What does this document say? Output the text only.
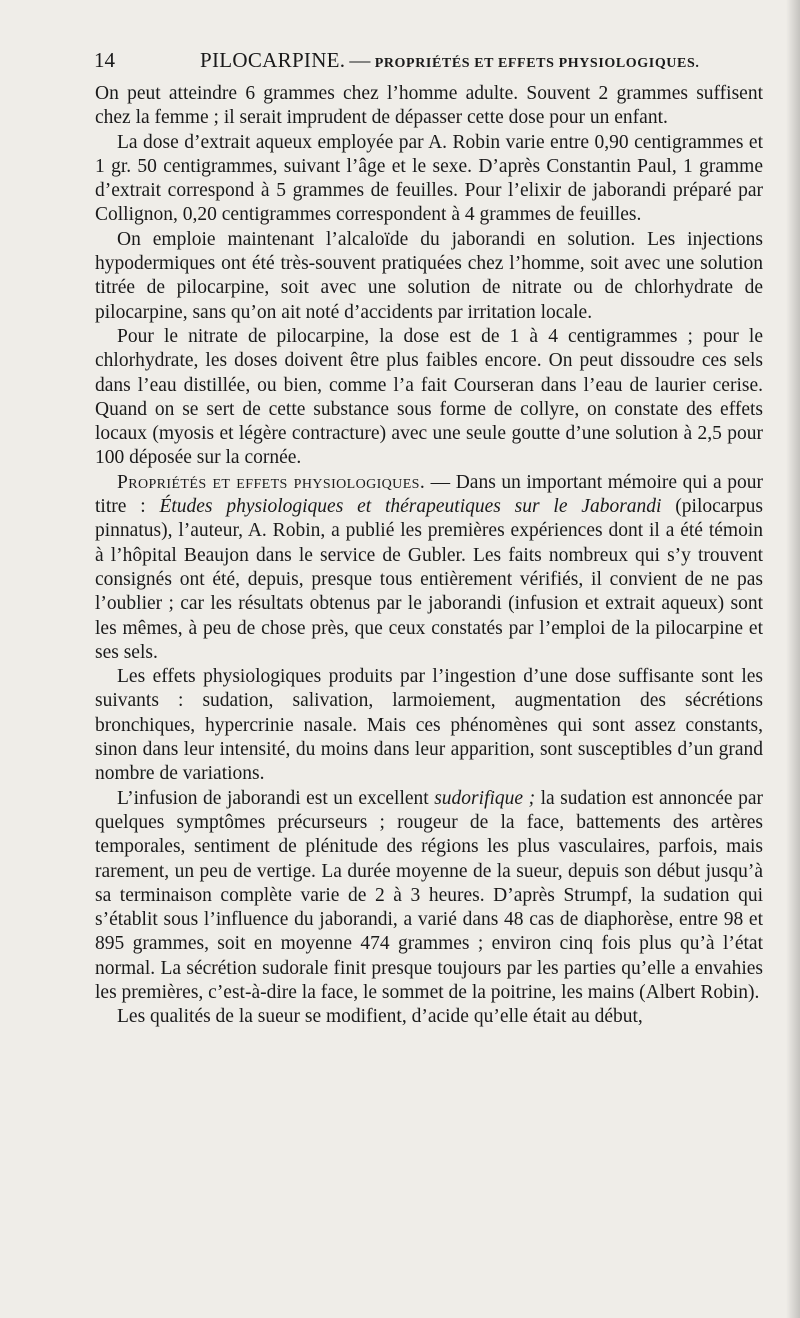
14	PILOCARPINE. — PROPRIÉTÉS ET EFFETS PHYSIOLOGIQUES.

On peut atteindre 6 grammes chez l’homme adulte. Souvent 2 grammes suffisent chez la femme ; il serait imprudent de dépasser cette dose pour un enfant.

La dose d’extrait aqueux employée par A. Robin varie entre 0,90 centigrammes et 1 gr. 50 centigrammes, suivant l’âge et le sexe. D’après Constantin Paul, 1 gramme d’extrait correspond à 5 grammes de feuilles. Pour l’elixir de jaborandi préparé par Collignon, 0,20 centigrammes correspondent à 4 grammes de feuilles.

On emploie maintenant l’alcaloïde du jaborandi en solution. Les injections hypodermiques ont été très-souvent pratiquées chez l’homme, soit avec une solution titrée de pilocarpine, soit avec une solution de nitrate ou de chlorhydrate de pilocarpine, sans qu’on ait noté d’accidents par irritation locale.

Pour le nitrate de pilocarpine, la dose est de 1 à 4 centigrammes ; pour le chlorhydrate, les doses doivent être plus faibles encore. On peut dissoudre ces sels dans l’eau distillée, ou bien, comme l’a fait Courseran dans l’eau de laurier cerise. Quand on se sert de cette substance sous forme de collyre, on constate des effets locaux (myosis et légère contracture) avec une seule goutte d’une solution à 2,5 pour 100 déposée sur la cornée.

Propriétés et effets physiologiques. — Dans un important mémoire qui a pour titre : Études physiologiques et thérapeutiques sur le Jaborandi (pilocarpus pinnatus), l’auteur, A. Robin, a publié les premières expériences dont il a été témoin à l’hôpital Beaujon dans le service de Gubler. Les faits nombreux qui s’y trouvent consignés ont été, depuis, presque tous entièrement vérifiés, il convient de ne pas l’oublier ; car les résultats obtenus par le jaborandi (infusion et extrait aqueux) sont les mêmes, à peu de chose près, que ceux constatés par l’emploi de la pilocarpine et ses sels.

Les effets physiologiques produits par l’ingestion d’une dose suffisante sont les suivants : sudation, salivation, larmoiement, augmentation des sécrétions bronchiques, hypercrinie nasale. Mais ces phénomènes qui sont assez constants, sinon dans leur intensité, du moins dans leur apparition, sont susceptibles d’un grand nombre de variations.

L’infusion de jaborandi est un excellent sudorifique ; la sudation est annoncée par quelques symptômes précurseurs ; rougeur de la face, battements des artères temporales, sentiment de plénitude des régions les plus vasculaires, parfois, mais rarement, un peu de vertige. La durée moyenne de la sueur, depuis son début jusqu’à sa terminaison complète varie de 2 à 3 heures. D’après Strumpf, la sudation qui s’établit sous l’influence du jaborandi, a varié dans 48 cas de diaphorèse, entre 98 et 895 grammes, soit en moyenne 474 grammes ; environ cinq fois plus qu’à l’état normal. La sécrétion sudorale finit presque toujours par les parties qu’elle a envahies les premières, c’est-à-dire la face, le sommet de la poitrine, les mains (Albert Robin).

Les qualités de la sueur se modifient, d’acide qu’elle était au début,
